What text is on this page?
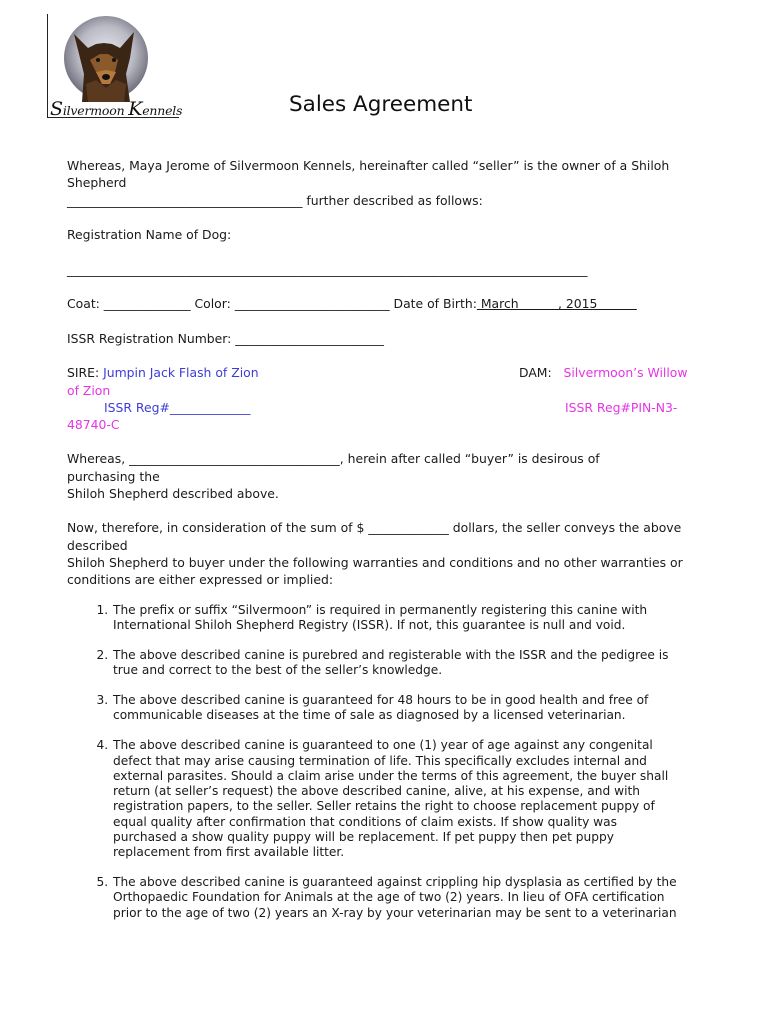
Silvermoon Kennels	Sales Agreement
Whereas, Maya Jerome of Silvermoon Kennels, hereinafter called “seller” is the owner of a Shiloh
Shepherd
______________________________________ further described as follows:
Registration Name of Dog:
____________________________________________________________________________________
Coat: ______________ Color: _________________________ Date of Birth: March          , 2015
ISSR Registration Number: ________________________
SIRE: Jumpin Jack Flash of Zion	DAM: Silvermoon’s Willow
of Zion
ISSR Reg#_____________	ISSR Reg#PIN-N3-
48740-C
Whereas, __________________________________, herein after called “buyer” is desirous of
purchasing the
Shiloh Shepherd described above.
Now, therefore, in consideration of the sum of $ _____________ dollars, the seller conveys the above
described
Shiloh Shepherd to buyer under the following warranties and conditions and no other warranties or
conditions are either expressed or implied:
1. The prefix or suffix “Silvermoon” is required in permanently registering this canine with
International Shiloh Shepherd Registry (ISSR). If not, this guarantee is null and void.
2. The above described canine is purebred and registerable with the ISSR and the pedigree is
true and correct to the best of the seller’s knowledge.
3. The above described canine is guaranteed for 48 hours to be in good health and free of
communicable diseases at the time of sale as diagnosed by a licensed veterinarian.
4. The above described canine is guaranteed to one (1) year of age against any congenital
defect that may arise causing termination of life. This specifically excludes internal and
external parasites. Should a claim arise under the terms of this agreement, the buyer shall
return (at seller’s request) the above described canine, alive, at his expense, and with
registration papers, to the seller. Seller retains the right to choose replacement puppy of
equal quality after confirmation that conditions of claim exists. If show quality was
purchased a show quality puppy will be replacement. If pet puppy then pet puppy
replacement from first available litter.
5. The above described canine is guaranteed against crippling hip dysplasia as certified by the
Orthopaedic Foundation for Animals at the age of two (2) years. In lieu of OFA certification
prior to the age of two (2) years an X-ray by your veterinarian may be sent to a veterinarian
